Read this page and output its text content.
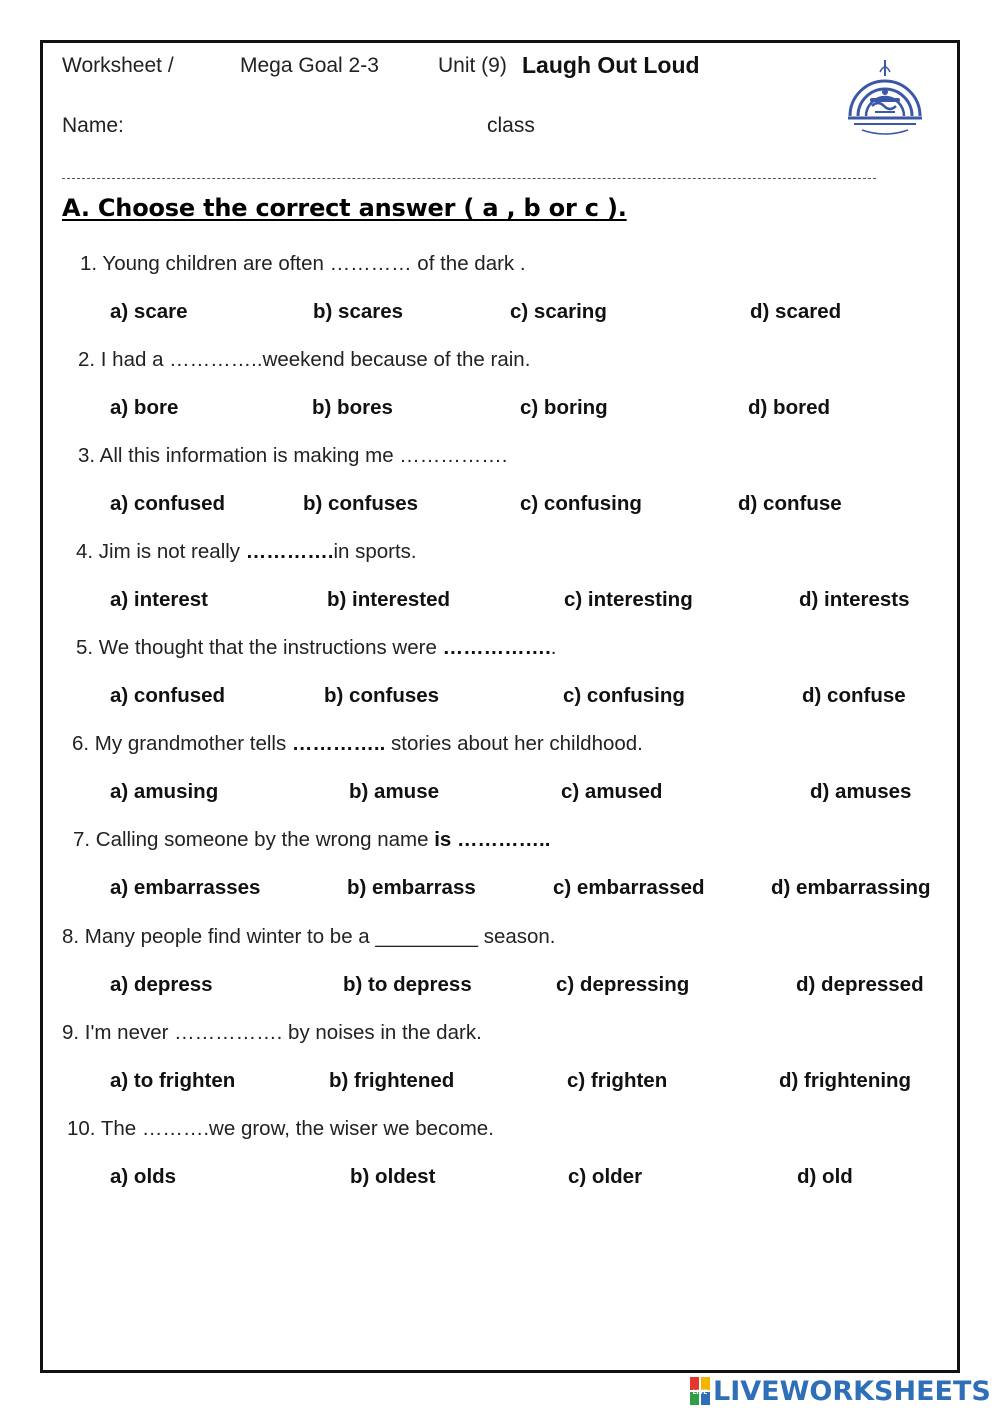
Worksheet /	Mega Goal 2-3	Unit (9) Laugh Out Loud
Name:	class
A. Choose the correct answer ( a , b or c ).
1. Young children are often ………… of the dark .
a) scare	b) scares	c) scaring	d) scared
2. I had a …………..weekend because of the rain.
a) bore	b) bores	c) boring	d) bored
3. All this information is making me …………….
a) confused	b) confuses	c) confusing	d) confuse
4. Jim is not really ………….in sports.
a) interest	b) interested	c) interesting	d) interests
5. We thought that the instructions were ……………..
a) confused	b) confuses	c) confusing	d) confuse
6. My grandmother tells ………….. stories about her childhood.
a) amusing	b) amuse	c) amused	d) amuses
7. Calling someone by the wrong name is …………..
a) embarrasses	b) embarrass	c) embarrassed	d) embarrassing
8. Many people find winter to be a _________ season.
a) depress	b) to depress	c) depressing	d) depressed
9. I'm never ……………. by noises in the dark.
a) to frighten	b) frightened	c) frighten	d) frightening
10. The ……….we grow, the wiser we become.
a) olds	b) oldest	c) older	d) old
LIVE LIVEWORKSHEETS
